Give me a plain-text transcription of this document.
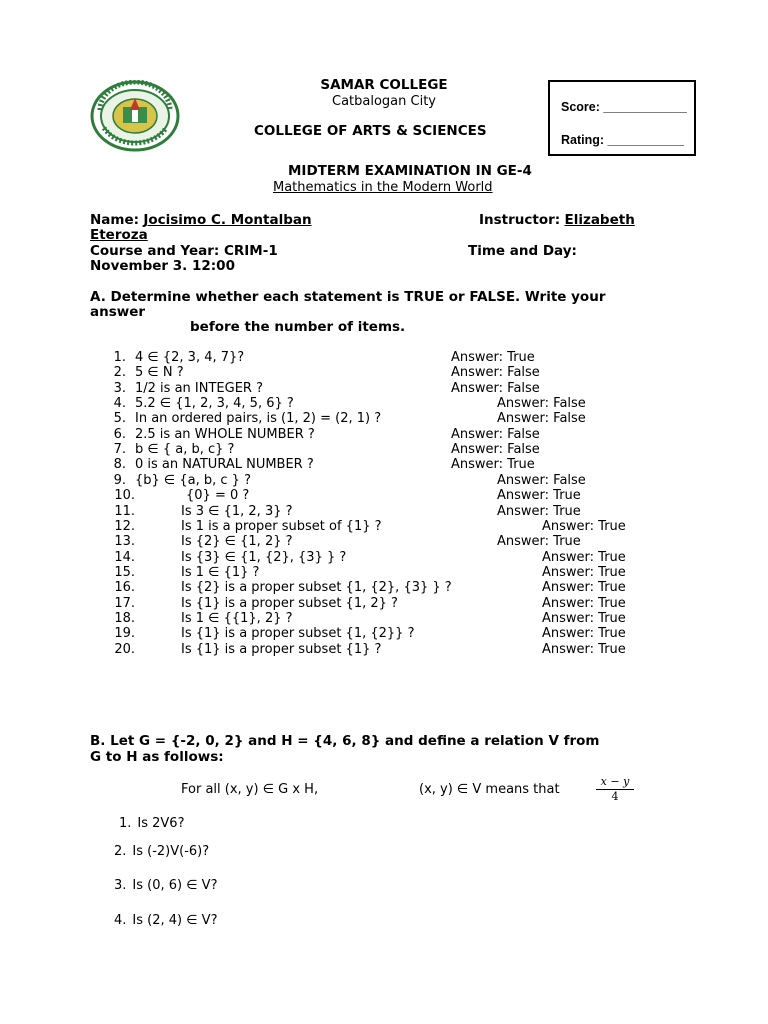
SAMAR COLLEGE
Catbalogan City
COLLEGE OF ARTS & SCIENCES
MIDTERM EXAMINATION IN GE-4
Mathematics in the Modern World
Score: ____________
Rating: ___________
Name: Jocisimo C. Montalban	Instructor: Elizabeth
Eteroza
Course and Year: CRIM-1	Time and Day:
November 3. 12:00
A. Determine whether each statement is TRUE or FALSE. Write your
answer
before the number of items.
1. 4 ∈ {2, 3, 4, 7}?	Answer: True
2. 5 ∈ N ?	Answer: False
3. 1/2 is an INTEGER ?	Answer: False
4. 5.2 ∈ {1, 2, 3, 4, 5, 6} ?	Answer: False
5. In an ordered pairs, is (1, 2) = (2, 1) ?	Answer: False
6. 2.5 is an WHOLE NUMBER ?	Answer: False
7. b ∈ { a, b, c} ?	Answer: False
8. 0 is an NATURAL NUMBER ?	Answer: True
9. {b} ∈ {a, b, c } ?	Answer: False
10.	{0} = 0 ?	Answer: True
11.	Is 3 ∈ {1, 2, 3} ?	Answer: True
12.	Is 1 is a proper subset of {1} ?	Answer: True
13.	Is {2} ∈ {1, 2} ?	Answer: True
14.	Is {3} ∈ {1, {2}, {3} } ?	Answer: True
15.	Is 1 ∈ {1} ?	Answer: True
16.	Is {2} is a proper subset {1, {2}, {3} } ?	Answer: True
17.	Is {1} is a proper subset {1, 2} ?	Answer: True
18.	Is 1 ∈ {{1}, 2} ?	Answer: True
19.	Is {1} is a proper subset {1, {2}} ?	Answer: True
20.	Is {1} is a proper subset {1} ?	Answer: True
B. Let G = {-2, 0, 2} and H = {4, 6, 8} and define a relation V from
G to H as follows:
For all (x, y) ∈ G x H,	(x, y) ∈ V means that	$\frac{x - y}{4}$
1. Is 2V6?
2. Is (-2)V(-6)?
3. Is (0, 6) ∈ V?
4. Is (2, 4) ∈ V?
